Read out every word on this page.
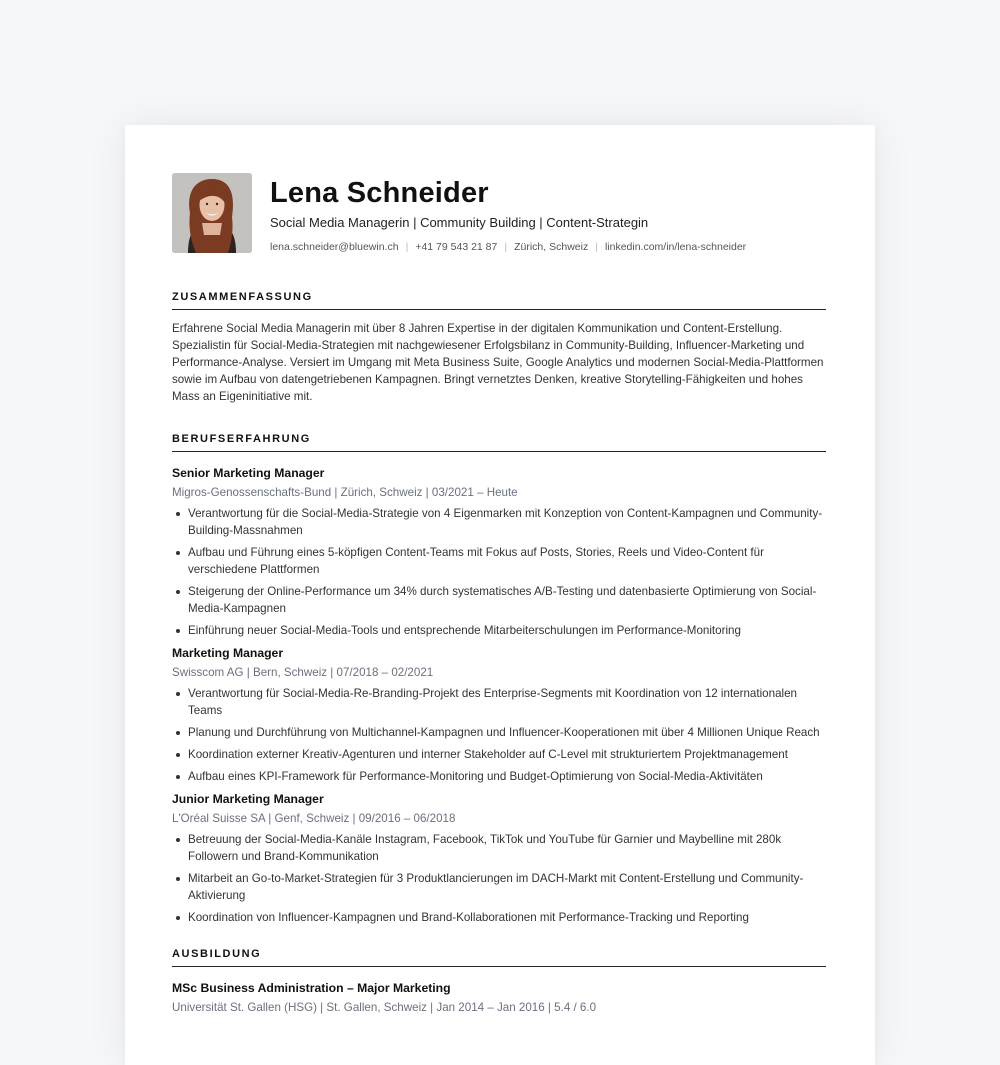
Lena Schneider
Social Media Managerin | Community Building | Content-Strategin
lena.schneider@bluewin.ch | +41 79 543 21 87 | Zürich, Schweiz | linkedin.com/in/lena-schneider
ZUSAMMENFASSUNG

Erfahrene Social Media Managerin mit über 8 Jahren Expertise in der digitalen Kommunikation und Content-Erstellung. Spezialistin für Social-Media-Strategien mit nachgewiesener Erfolgsbilanz in Community-Building, Influencer-Marketing und Performance-Analyse. Versiert im Umgang mit Meta Business Suite, Google Analytics und modernen Social-Media-Plattformen sowie im Aufbau von datengetriebenen Kampagnen. Bringt vernetztes Denken, kreative Storytelling-Fähigkeiten und hohes Mass an Eigeninitiative mit.

BERUFSERFAHRUNG
Senior Marketing Manager
Migros-Genossenschafts-Bund | Zürich, Schweiz | 03/2021 – Heute
Verantwortung für die Social-Media-Strategie von 4 Eigenmarken mit Konzeption von Content-Kampagnen und Community-Building-Massnahmen
Aufbau und Führung eines 5-köpfigen Content-Teams mit Fokus auf Posts, Stories, Reels und Video-Content für verschiedene Plattformen
Steigerung der Online-Performance um 34% durch systematisches A/B-Testing und datenbasierte Optimierung von Social-Media-Kampagnen
Einführung neuer Social-Media-Tools und entsprechende Mitarbeiterschulungen im Performance-Monitoring
Marketing Manager
Swisscom AG | Bern, Schweiz | 07/2018 – 02/2021
Verantwortung für Social-Media-Re-Branding-Projekt des Enterprise-Segments mit Koordination von 12 internationalen Teams
Planung und Durchführung von Multichannel-Kampagnen und Influencer-Kooperationen mit über 4 Millionen Unique Reach
Koordination externer Kreativ-Agenturen und interner Stakeholder auf C-Level mit strukturiertem Projektmanagement
Aufbau eines KPI-Framework für Performance-Monitoring und Budget-Optimierung von Social-Media-Aktivitäten
Junior Marketing Manager
L'Oréal Suisse SA | Genf, Schweiz | 09/2016 – 06/2018
Betreuung der Social-Media-Kanäle Instagram, Facebook, TikTok und YouTube für Garnier und Maybelline mit 280k Followern und Brand-Kommunikation
Mitarbeit an Go-to-Market-Strategien für 3 Produktlancierungen im DACH-Markt mit Content-Erstellung und Community-Aktivierung
Koordination von Influencer-Kampagnen und Brand-Kollaborationen mit Performance-Tracking und Reporting
AUSBILDUNG
MSc Business Administration – Major Marketing
Universität St. Gallen (HSG) | St. Gallen, Schweiz | Jan 2014 – Jan 2016 | 5.4 / 6.0
